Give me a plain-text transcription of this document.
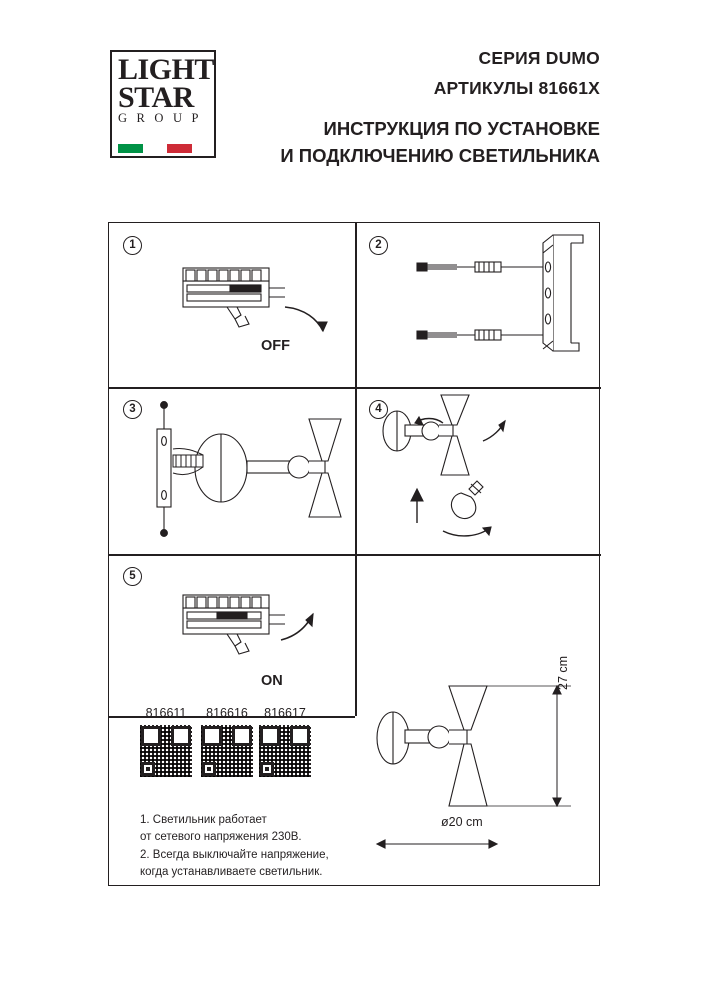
LIGHT
STAR
G R O U P
СЕРИЯ DUMO
АРТИКУЛЫ 81661X
ИНСТРУКЦИЯ ПО УСТАНОВКЕ
И ПОДКЛЮЧЕНИЮ СВЕТИЛЬНИКА
1
OFF
2
3	4
5
ON
816611	816616	816617
1. Светильник работает
от сетевого напряжения 230В.
2. Всегда выключайте напряжение,
когда устанавливаете светильник.
ø20 cm
27 cm
